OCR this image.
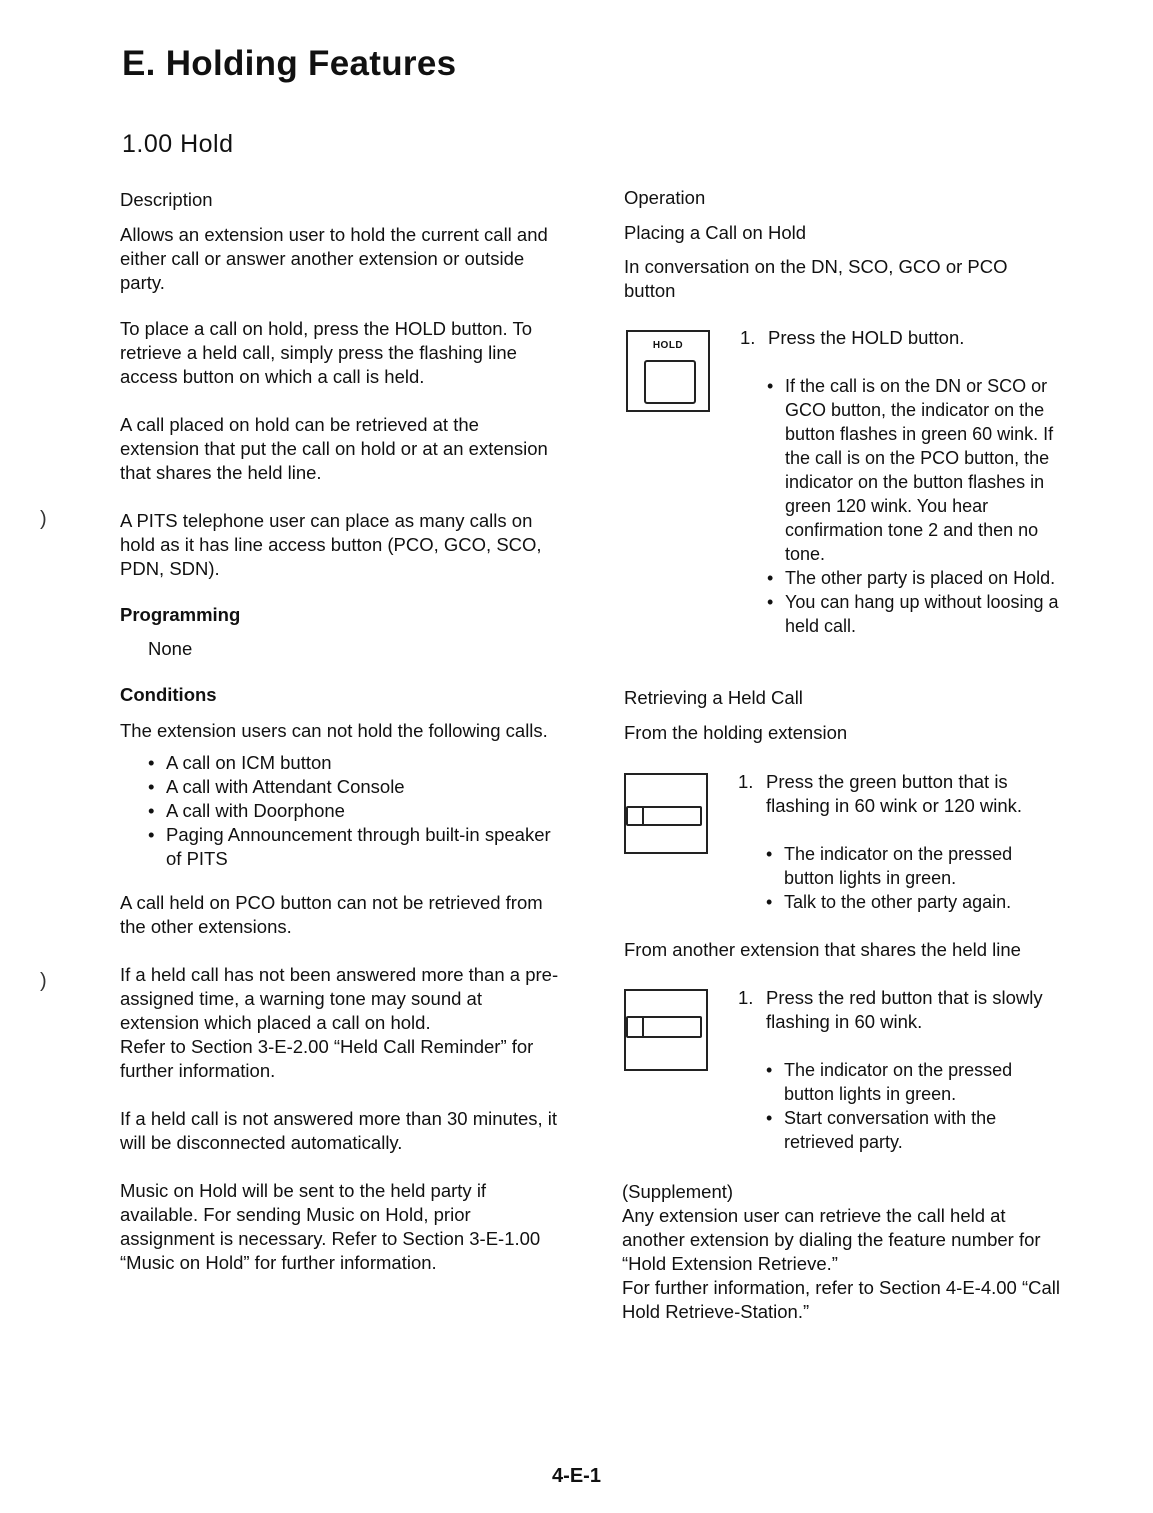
E. Holding Features
1.00 Hold
)
)

Description

Allows an extension user to hold the current call and either call or answer another extension or outside party.

To place a call on hold, press the HOLD button. To retrieve a held call, simply press the flashing line access button on which a call is held.

A call placed on hold can be retrieved at the extension that put the call on hold or at an extension that shares the held line.

A PITS telephone user can place as many calls on hold as it has line access button (PCO, GCO, SCO, PDN, SDN).

Programming

None

Conditions

The extension users can not hold the following calls.

• A call on ICM button
• A call with Attendant Console
• A call with Doorphone
• Paging Announcement through built-in speaker of PITS

A call held on PCO button can not be retrieved from the other extensions.

If a held call has not been answered more than a pre-assigned time, a warning tone may sound at extension which placed a call on hold.

Refer to Section 3-E-2.00 “Held Call Reminder” for further information.

If a held call is not answered more than 30 minutes, it will be disconnected automatically.

Music on Hold will be sent to the held party if available. For sending Music on Hold, prior assignment is necessary. Refer to Section 3-E-1.00 “Music on Hold” for further information.

Operation

Placing a Call on Hold

In conversation on the DN, SCO, GCO or PCO button

HOLD	1. Press the HOLD button.

• If the call is on the DN or SCO or GCO button, the indicator on the button flashes in green 60 wink. If the call is on the PCO button, the indicator on the button flashes in green 120 wink. You hear confirmation tone 2 and then no tone.
• The other party is placed on Hold.
• You can hang up without loosing a held call.

Retrieving a Held Call

From the holding extension

1. Press the green button that is flashing in 60 wink or 120 wink.

• The indicator on the pressed button lights in green.
• Talk to the other party again.

From another extension that shares the held line

1. Press the red button that is slowly flashing in 60 wink.

• The indicator on the pressed button lights in green.
• Start conversation with the retrieved party.

(Supplement)

Any extension user can retrieve the call held at another extension by dialing the feature number for “Hold Extension Retrieve.”

For further information, refer to Section 4-E-4.00 “Call Hold Retrieve-Station.”

4-E-1
